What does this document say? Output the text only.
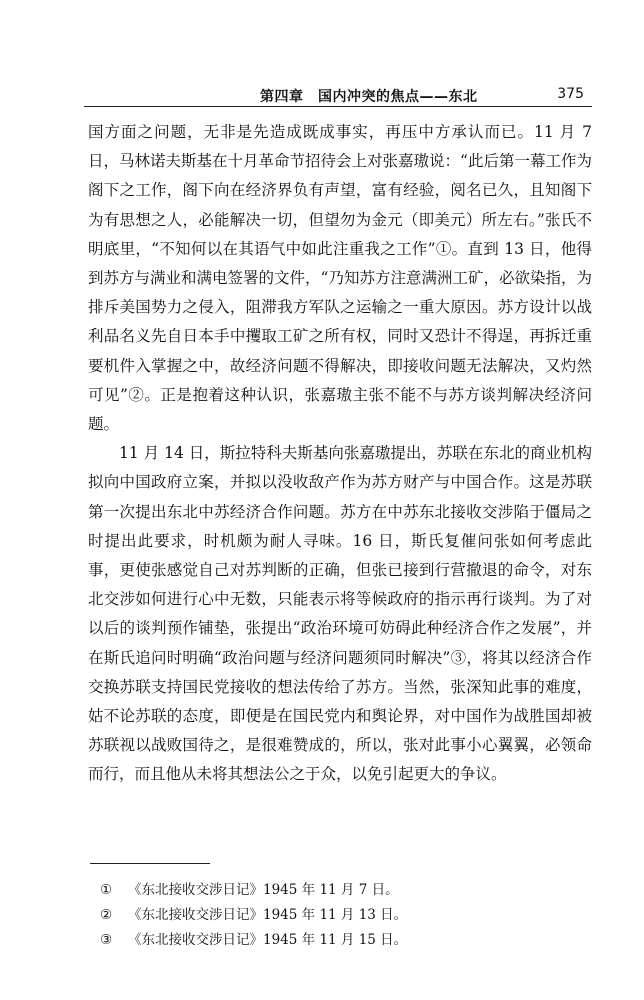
第四章　国内冲突的焦点——东北	375

国方面之问题，无非是先造成既成事实，再压中方承认而已。11 月 7 日，马林诺夫斯基在十月革命节招待会上对张嘉璈说：“此后第一幕工作为阁下之工作，阁下向在经济界负有声望，富有经验，阅名已久，且知阁下为有思想之人，必能解决一切，但望勿为金元（即美元）所左右。”张氏不明底里，“不知何以在其语气中如此注重我之工作”①。直到 13 日，他得到苏方与满业和满电签署的文件，“乃知苏方注意满洲工矿，必欲染指，为排斥美国势力之侵入，阻滞我方军队之运输之一重大原因。苏方设计以战利品名义先自日本手中攫取工矿之所有权，同时又恐计不得逞，再拆迁重要机件入掌握之中，故经济问题不得解决，即接收问题无法解决，又灼然可见”②。正是抱着这种认识，张嘉璈主张不能不与苏方谈判解决经济问题。

11 月 14 日，斯拉特科夫斯基向张嘉璈提出，苏联在东北的商业机构拟向中国政府立案，并拟以没收敌产作为苏方财产与中国合作。这是苏联第一次提出东北中苏经济合作问题。苏方在中苏东北接收交涉陷于僵局之时提出此要求，时机颇为耐人寻味。16 日，斯氏复催问张如何考虑此事，更使张感觉自己对苏判断的正确，但张已接到行营撤退的命令，对东北交涉如何进行心中无数，只能表示将等候政府的指示再行谈判。为了对以后的谈判预作铺垫，张提出“政治环境可妨碍此种经济合作之发展”，并在斯氏追问时明确“政治问题与经济问题须同时解决”③，将其以经济合作交换苏联支持国民党接收的想法传给了苏方。当然，张深知此事的难度，姑不论苏联的态度，即便是在国民党内和舆论界，对中国作为战胜国却被苏联视以战败国待之，是很难赞成的，所以，张对此事小心翼翼，必领命而行，而且他从未将其想法公之于众，以免引起更大的争议。

①	《东北接收交涉日记》1945 年 11 月 7 日。
②	《东北接收交涉日记》1945 年 11 月 13 日。
③	《东北接收交涉日记》1945 年 11 月 15 日。
